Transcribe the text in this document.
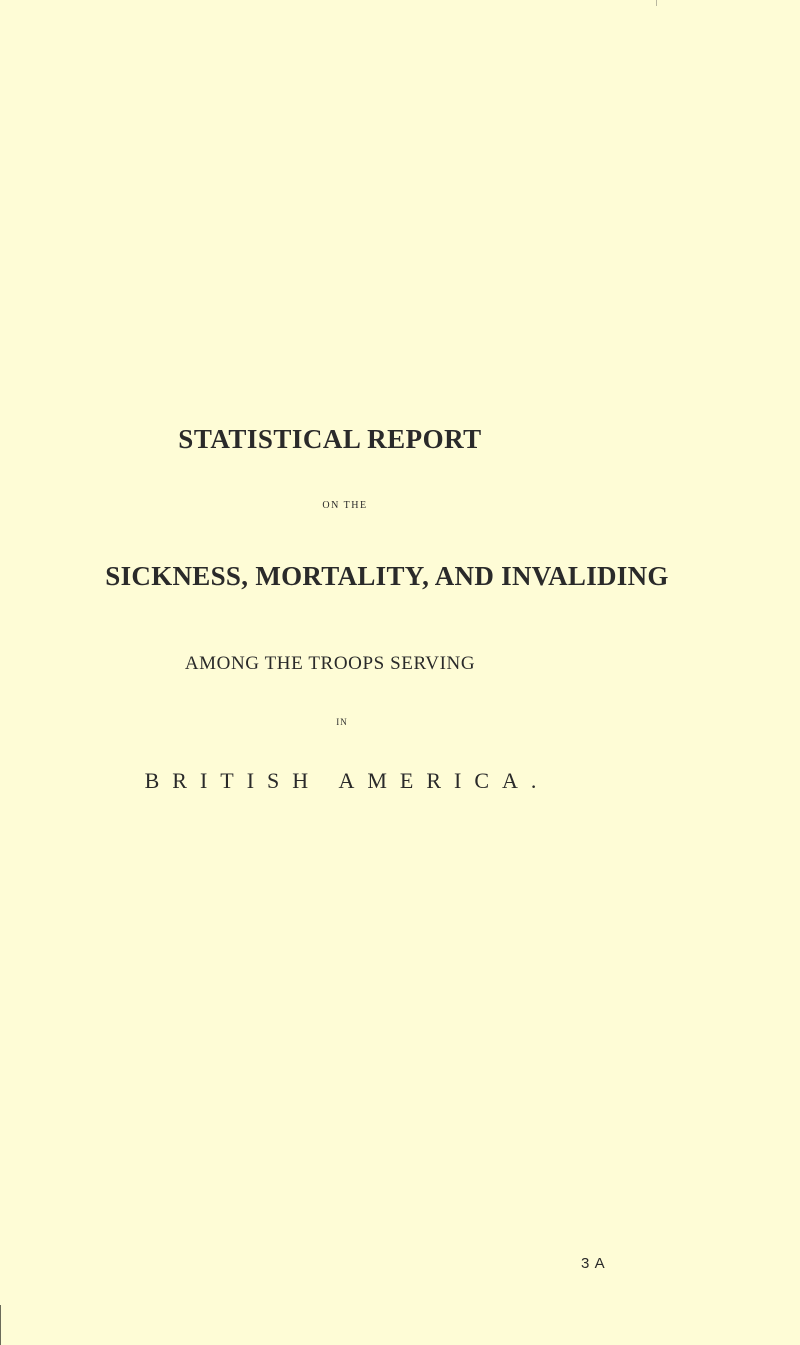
STATISTICAL REPORT

ON THE

SICKNESS, MORTALITY, AND INVALIDING

AMONG THE TROOPS SERVING

IN

BRITISH AMERICA.

3 A
